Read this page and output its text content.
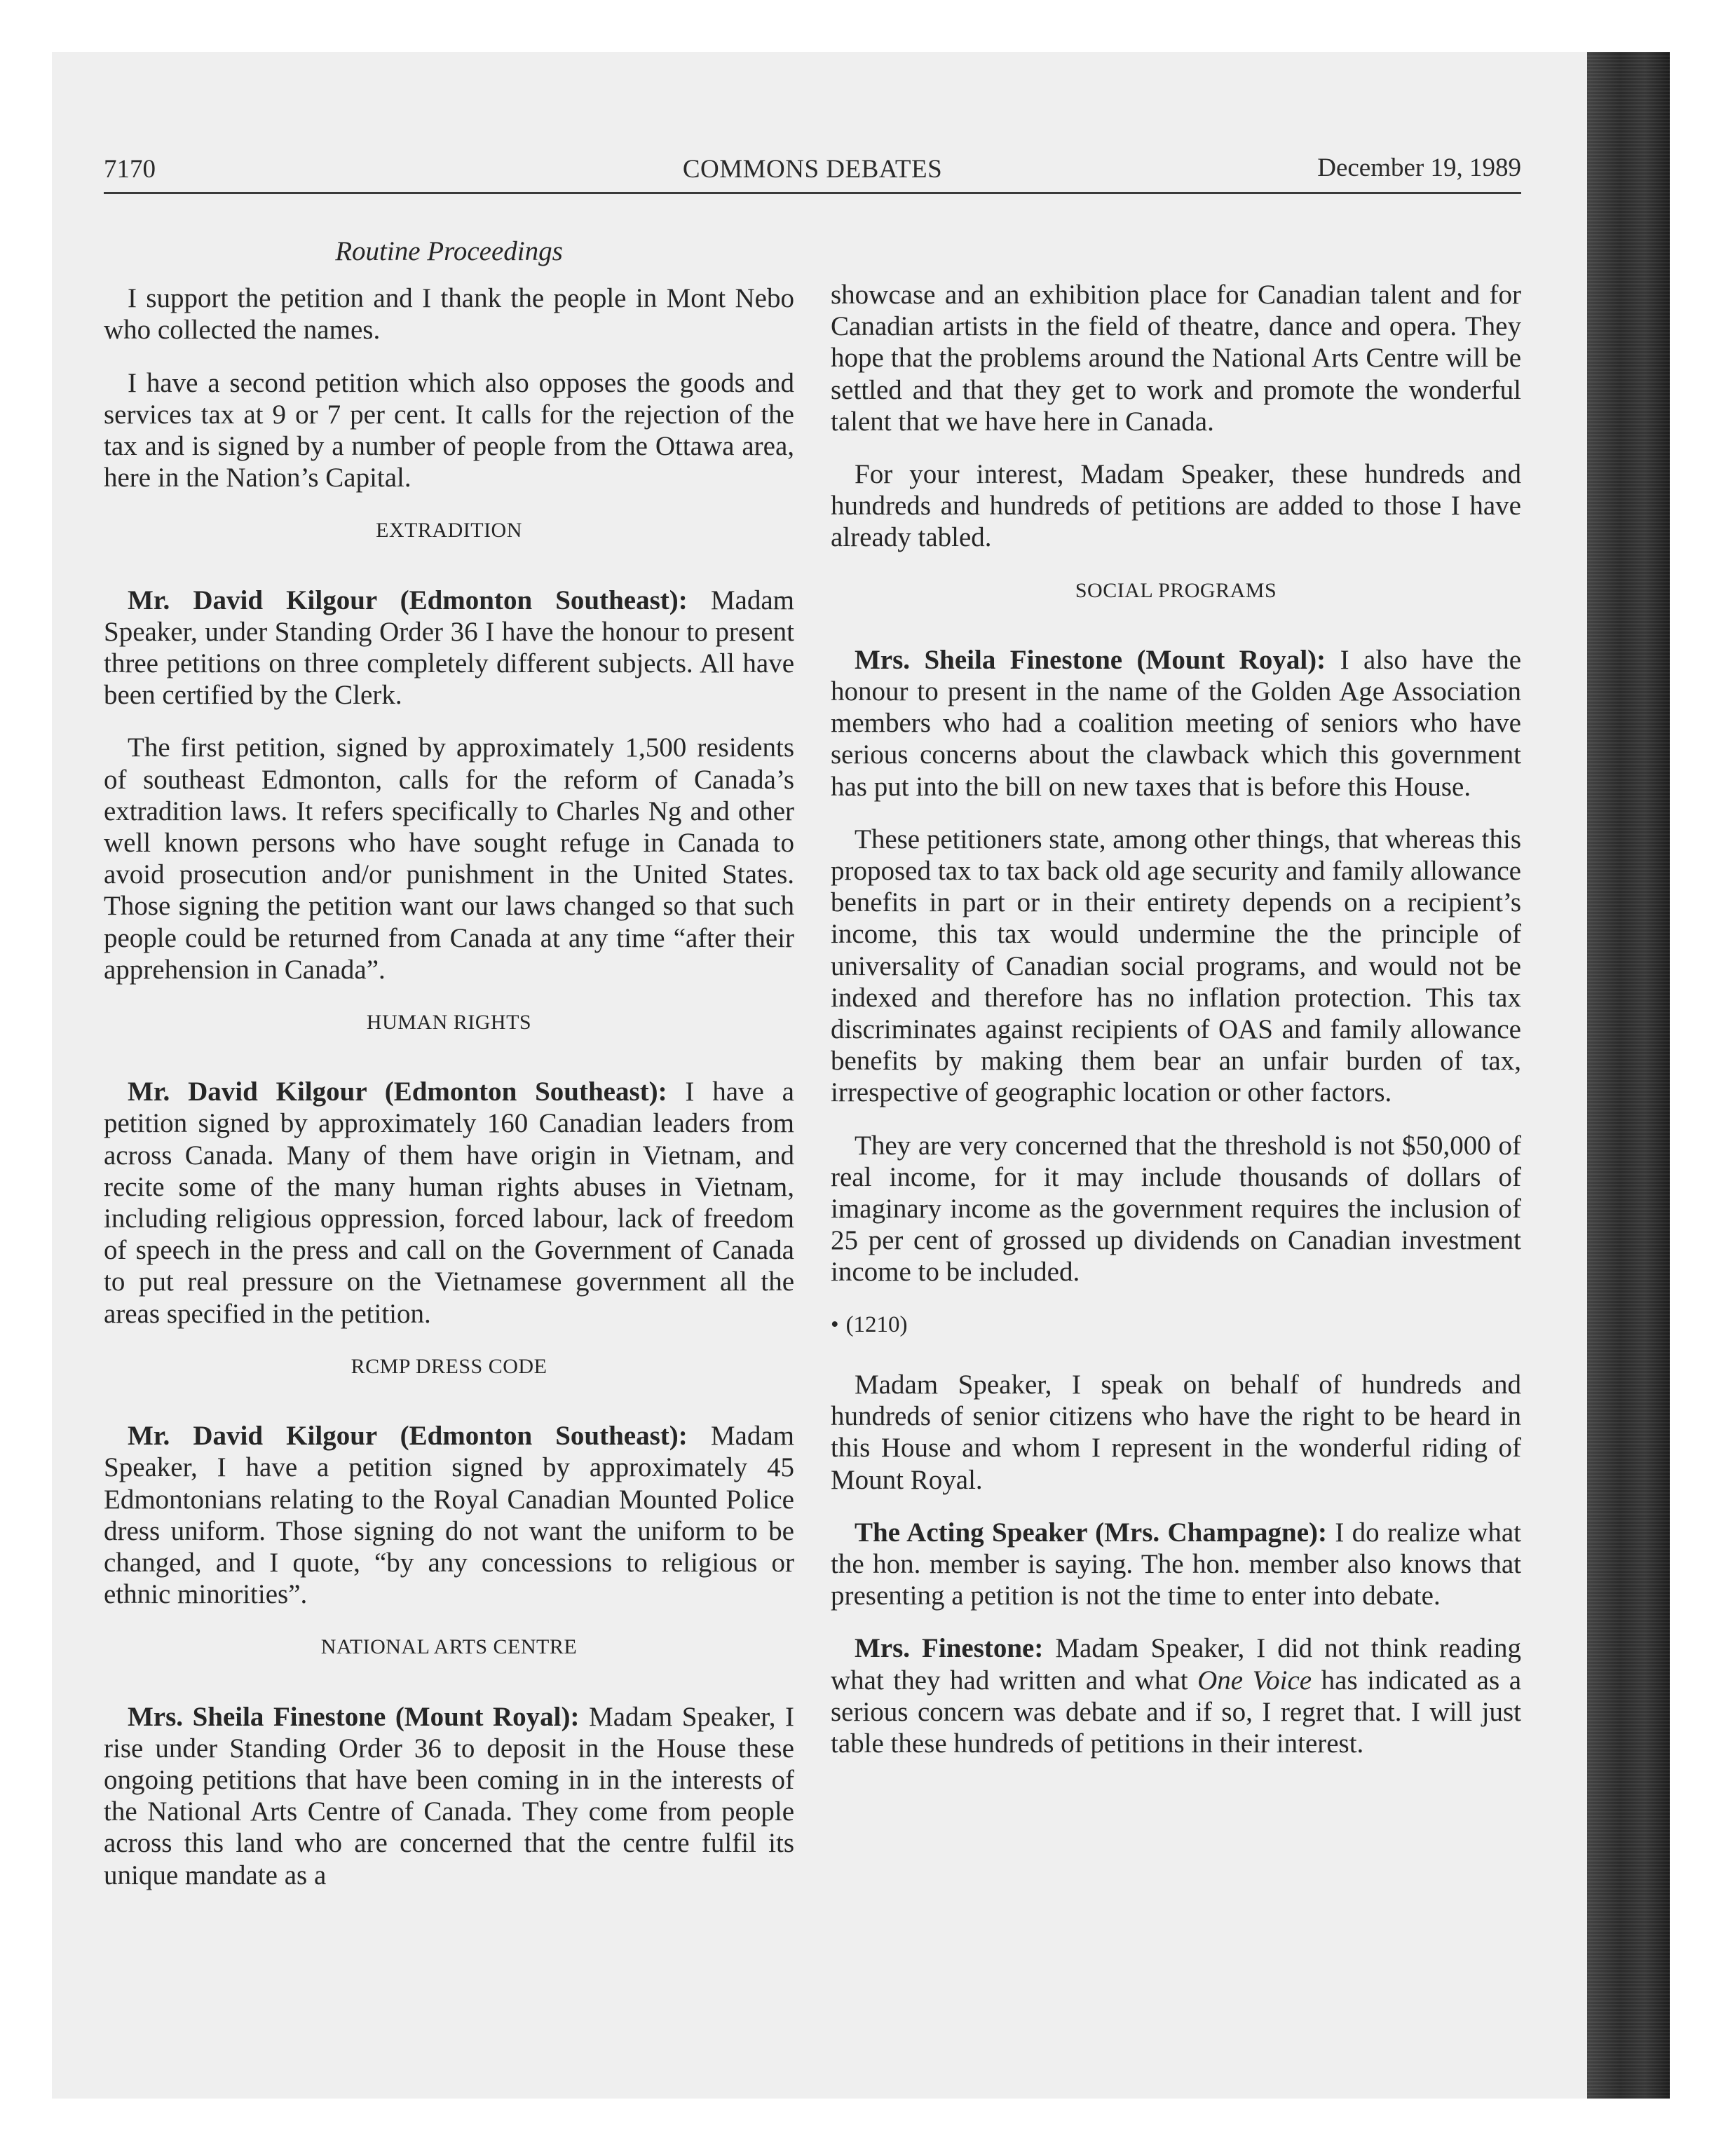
7170	COMMONS DEBATES	December 19, 1989
Routine Proceedings

I support the petition and I thank the people in Mont Nebo who collected the names.

I have a second petition which also opposes the goods and services tax at 9 or 7 per cent. It calls for the rejection of the tax and is signed by a number of people from the Ottawa area, here in the Nation’s Capital.

EXTRADITION

Mr. David Kilgour (Edmonton Southeast): Madam Speaker, under Standing Order 36 I have the honour to present three petitions on three completely different subjects. All have been certified by the Clerk.

The first petition, signed by approximately 1,500 residents of southeast Edmonton, calls for the reform of Canada’s extradition laws. It refers specifically to Charles Ng and other well known persons who have sought refuge in Canada to avoid prosecution and/or punishment in the United States. Those signing the petition want our laws changed so that such people could be returned from Canada at any time “after their apprehension in Canada”.

HUMAN RIGHTS

Mr. David Kilgour (Edmonton Southeast): I have a petition signed by approximately 160 Canadian leaders from across Canada. Many of them have origin in Vietnam, and recite some of the many human rights abuses in Vietnam, including religious oppression, forced labour, lack of freedom of speech in the press and call on the Government of Canada to put real pressure on the Vietnamese government all the areas specified in the petition.

RCMP DRESS CODE

Mr. David Kilgour (Edmonton Southeast): Madam Speaker, I have a petition signed by approximately 45 Edmontonians relating to the Royal Canadian Mounted Police dress uniform. Those signing do not want the uniform to be changed, and I quote, “by any concessions to religious or ethnic minorities”.

NATIONAL ARTS CENTRE

Mrs. Sheila Finestone (Mount Royal): Madam Speaker, I rise under Standing Order 36 to deposit in the House these ongoing petitions that have been coming in in the interests of the National Arts Centre of Canada. They come from people across this land who are concerned that the centre fulfil its unique mandate as a

showcase and an exhibition place for Canadian talent and for Canadian artists in the field of theatre, dance and opera. They hope that the problems around the National Arts Centre will be settled and that they get to work and promote the wonderful talent that we have here in Canada.

For your interest, Madam Speaker, these hundreds and hundreds and hundreds of petitions are added to those I have already tabled.

SOCIAL PROGRAMS

Mrs. Sheila Finestone (Mount Royal): I also have the honour to present in the name of the Golden Age Association members who had a coalition meeting of seniors who have serious concerns about the clawback which this government has put into the bill on new taxes that is before this House.

These petitioners state, among other things, that whereas this proposed tax to tax back old age security and family allowance benefits in part or in their entirety depends on a recipient’s income, this tax would undermine the the principle of universality of Canadian social programs, and would not be indexed and therefore has no inflation protection. This tax discriminates against recipients of OAS and family allowance benefits by making them bear an unfair burden of tax, irrespective of geographic location or other factors.

They are very concerned that the threshold is not $50,000 of real income, for it may include thousands of dollars of imaginary income as the government requires the inclusion of 25 per cent of grossed up dividends on Canadian investment income to be included.

• (1210)

Madam Speaker, I speak on behalf of hundreds and hundreds of senior citizens who have the right to be heard in this House and whom I represent in the wonderful riding of Mount Royal.

The Acting Speaker (Mrs. Champagne): I do realize what the hon. member is saying. The hon. member also knows that presenting a petition is not the time to enter into debate.

Mrs. Finestone: Madam Speaker, I did not think reading what they had written and what One Voice has indicated as a serious concern was debate and if so, I regret that. I will just table these hundreds of petitions in their interest.
